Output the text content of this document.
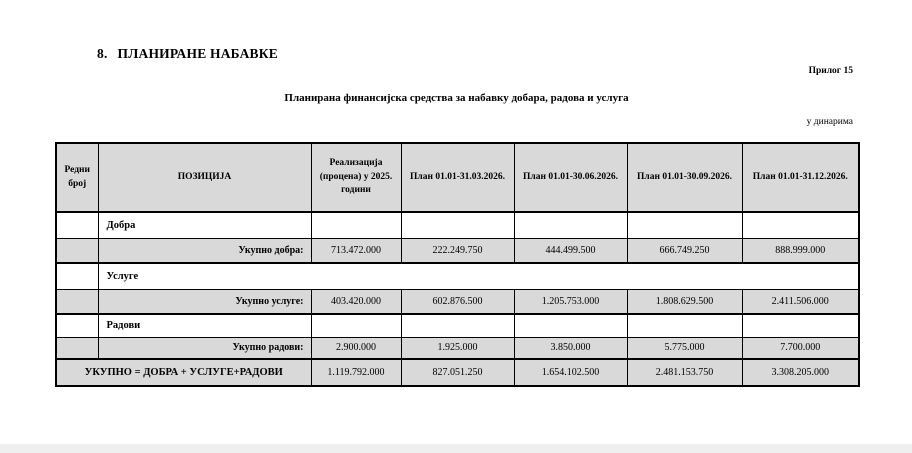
8. ПЛАНИРАНЕ НАБАВКЕ
Прилог 15
Планирана финансијска средства за набавку добара, радова и услуга
у динарима
Редни број	ПОЗИЦИЈА	Реализација (процена) у 2025. години	План 01.01-31.03.2026.	План 01.01-30.06.2026.	План 01.01-30.09.2026.	План 01.01-31.12.2026.
	Добра					
	Укупно добра:	713.472.000	222.249.750	444.499.500	666.749.250	888.999.000
	Услуге					
	Укупно услуге:	403.420.000	602.876.500	1.205.753.000	1.808.629.500	2.411.506.000
	Радови					
	Укупно радови:	2.900.000	1.925.000	3.850.000	5.775.000	7.700.000
УКУПНО = ДОБРА + УСЛУГЕ+РАДОВИ		1.119.792.000	827.051.250	1.654.102.500	2.481.153.750	3.308.205.000
